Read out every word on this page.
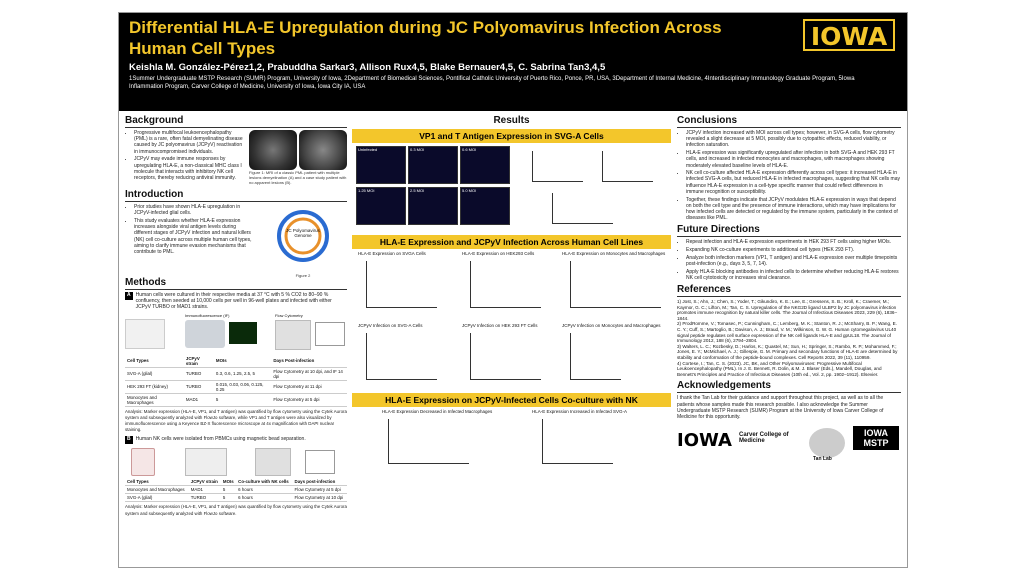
Differential HLA-E Upregulation during JC Polyomavirus Infection Across Human Cell Types
Keishla M. González-Pérez1,2, Prabuddha Sarkar3, Allison Rux4,5, Blake Bernauer4,5, C. Sabrina Tan3,4,5
1Summer Undergraduate MSTP Research (SUMR) Program, University of Iowa, 2Department of Biomedical Sciences, Pontifical Catholic University of Puerto Rico, Ponce, PR, USA, 3Department of Internal Medicine, 4Interdisciplinary Immunology Graduate Program, 5Iowa Inflammation Program, Carver College of Medicine, University of Iowa, Iowa City IA, USA
IOWA
Background
• Progressive multifocal leukoencephalopathy (PML) is a rare, often fatal demyelinating disease caused by JC polyomavirus (JCPyV) reactivation in immunocompromised individuals.
• JCPyV may evade immune responses by upregulating HLA-E, a non-classical MHC class I molecule that interacts with inhibitory NK cell receptors, thereby reducing antiviral immunity.
Figure 1: MRI of a classic PML patient with multiple lesions demyelination (A) and a case study patient with no apparent lesions (B).
Introduction
• Prior studies have shown HLA-E upregulation in JCPyV-infected glial cells.
• This study evaluates whether HLA-E expression increases alongside viral antigen levels during different stages of JCPyV infection and natural killers (NK) cell co-culture across multiple human cell types, aiming to clarify immune evasion mechanisms that contribute to PML.
JC Polyomavirus Genome
Figure 2
Methods
A	Human cells were cultured in their respective media at 37 °C with 5 % CO2 to 80–90 % confluency, then seeded at 10,000 cells per well in 96-well plates and infected with either JCPyV TURBO or MAD1 strains.
Immunofluorescence (IF)	Flow Cytometry
Cell Types	JCPyV strain	MOIs	Days Post-infection
SVG-A (glial)	TURBO	0.3, 0.6, 1.25, 2.5, 5	Flow Cytometry at 10 dpi, and IF 14 dpi
HEK 293 FT (kidney)	TURBO	0.015, 0.03, 0.06, 0.125, 0.25	Flow Cytometry at 11 dpi
Monocytes and Macrophages	MAD1	5	Flow Cytometry at 5 dpi
Analysis: Marker expression (HLA-E, VP1, and T antigen) was quantified by flow cytometry using the Cytek Aurora system and subsequently analyzed with FlowJo software, while VP1 and T antigen were also visualized by immunofluorescence using a Keyence BZ-X fluorescence microscope at 4x magnification with DAPI nuclear staining.
B	Human NK cells were isolated from PBMCs using magnetic bead separation.
Cell Types	JCPyV strain	MOIs	Co-culture with NK cells	Days post-infection
Monocytes and Macrophages	MAD1	5	6 hours	Flow Cytometry at 5 dpi
SVG-A (glial)	TURBO	5	6 hours	Flow Cytometry at 10 dpi
Analysis: Marker expression (HLA-E, VP1, and T antigen) was quantified by flow cytometry using the Cytek Aurora system and subsequently analyzed with FlowJo software.
Results
VP1 and T Antigen Expression in SVG-A Cells
Uninfected	0.3 MOI	0.6 MOI
1.25 MOI	2.5 MOI	5.0 MOI
HLA-E Expression and JCPyV Infection Across Human Cell Lines
HLA-E Expression on SVGA Cells	HLA-E Expression on HEK293 Cells	HLA-E Expression on Monocytes and Macrophages
JCPyV Infection on SVG-A Cells	JCPyV Infection on HEK 293 FT Cells	JCPyV Infection on Monocytes and Macrophages
HLA-E Expression on JCPyV-Infected Cells Co-culture with NK
HLA-E Expression Decreased in Infected Macrophages	HLA-E Expression Increased in Infected SVG-A
Conclusions
• JCPyV infection increased with MOI across cell types; however, in SVG-A cells, flow cytometry revealed a slight decrease at 5 MOI, possibly due to cytopathic effects, reduced viability, or infection saturation.
• HLA-E expression was significantly upregulated after infection in both SVG-A and HEK 293 FT cells, and increased in infected monocytes and macrophages, with macrophages showing moderately elevated baseline levels of HLA-E.
• NK cell co-culture affected HLA-E expression differently across cell types: it increased HLA-E in infected SVG-A cells, but reduced HLA-E in infected macrophages, suggesting that NK cells may influence HLA-E expression in a cell-type specific manner that could reflect differences in immune recognition or susceptibility.
• Together, these findings indicate that JCPyV modulates HLA-E expression in ways that depend on both the cell type and the presence of immune interactions, which may have implications for how infected cells are detected or regulated by the immune system, particularly in the context of diseases like PML.
Future Directions
• Repeat infection and HLA-E expression experiments in HEK 293 FT cells using higher MOIs.
• Expanding NK co-culture experiments to additional cell types (HEK 293 FT).
• Analyze both infection markers (VP1, T antigen) and HLA-E expression over multiple timepoints post-infection (e.g., days 3, 5, 7, 14).
• Apply HLA-E blocking antibodies in infected cells to determine whether reducing HLA-E restores NK cell cytotoxicity or increases viral clearance.
References
1) Jost, S.; Ahn, J.; Chen, S.; Yoder, T.; Gikundiro, K. E.; Lee, E.; Gressens, S. B.; Kroll, K.; Craemer, M.; Kaymor, G. C.; Lifton, M.; Tan, C. S. Upregulation of the NKG2D ligand ULBP2 by JC polyomavirus infection promotes immune recognition by natural killer cells. The Journal of Infectious Diseases 2023, 229 (6), 1836–1844.
2) ProdRomme, V.; Tomasec, P.; Cunningham, C.; Lemberg, M. K.; Stanton, R. J.; McSharry, B. P.; Wang, E. C. Y.; Cuff, S.; Martoglio, B.; Davison, A. J.; Braud, V. M.; Wilkinson, G. W. G. Human cytomegalovirus UL40 signal peptide regulates cell surface expression of the NK cell ligands HLA-E and gpUL18. The Journal of Immunology 2012, 188 (6), 2794–2804.
3) Walters, L. C.; Rozbesky, D.; Harlos, K.; Quastel, M.; Sun, H.; Springer, S.; Rambo, R. P.; Mohammed, F.; Jones, E. Y.; McMichael, A. J.; Gillespie, G. M. Primary and secondary functions of HLA-E are determined by stability and conformation of the peptide-bound complexes. Cell Reports 2022, 39 (11), 110959.
4) Cortese, I.; Tan, C. S. (2023). JC, BK, and Other Polyomaviruses: Progressive Multifocal Leukoencephalopathy (PML). In J. E. Bennett, R. Dolin, & M. J. Blaser (Eds.), Mandell, Douglas, and Bennett's Principles and Practice of Infectious Diseases (10th ed., Vol. 2, pp. 1902–1912). Elsevier.
Acknowledgements
I thank the Tan Lab for their guidance and support throughout this project, as well as to all the patients whose samples made this research possible. I also acknowledge the Summer Undergraduate MSTP Research (SUMR) Program at the University of Iowa Carver College of Medicine for this opportunity.
IOWA Carver College of Medicine
Tan Lab
IOWA MSTP
